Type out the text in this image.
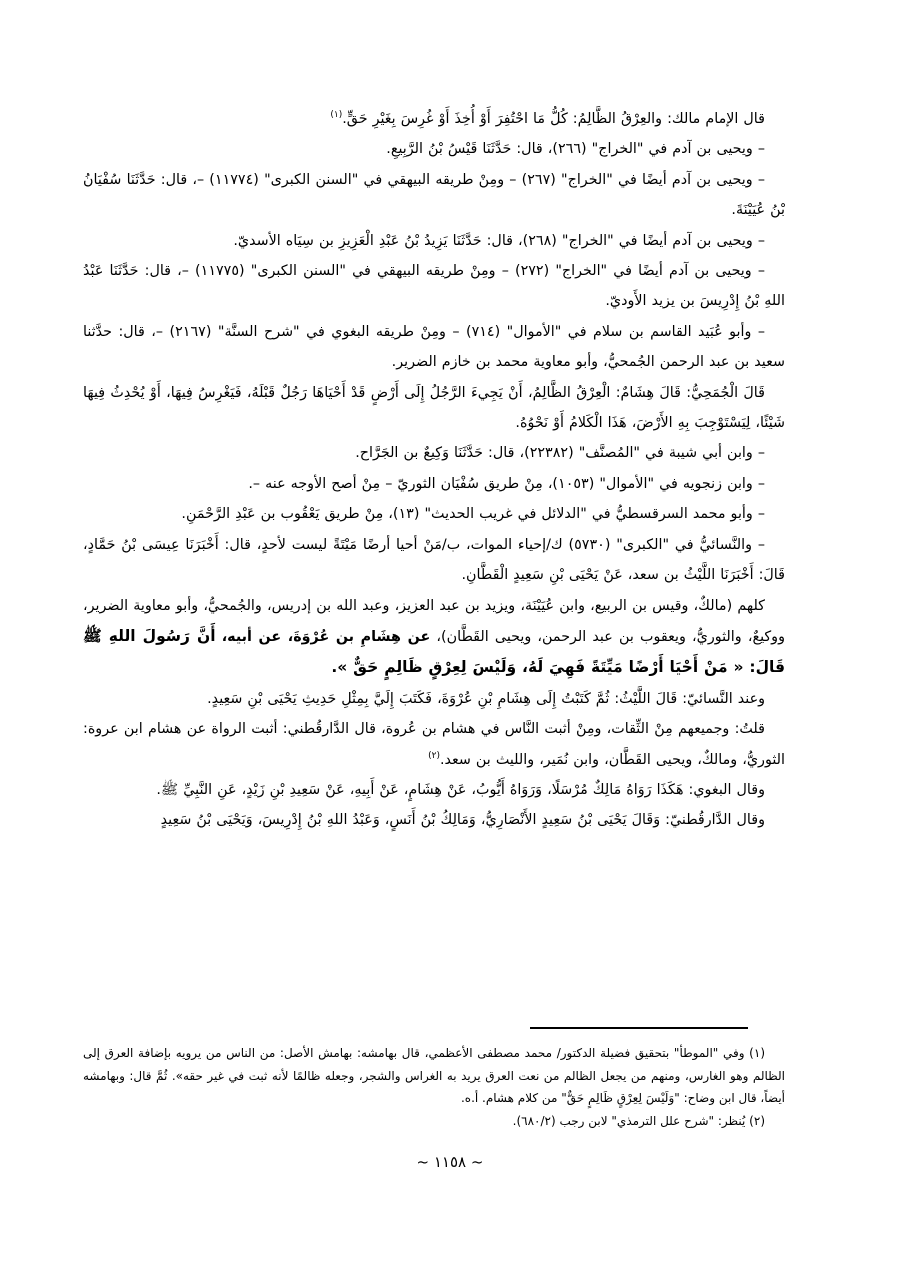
قال الإمام مالك: والعِرْقُ الظَّالِمُ: كُلُّ مَا احْتُفِرَ أَوْ أُخِذَ أَوْ غُرِسَ بِغَيْرِ حَقٍّ.$^{(١)}$

– ويحيى بن آدم في "الخراج" (٢٦٦)، قال: حَدَّثَنَا قَيْسُ بْنُ الرَّبِيعِ.

– ويحيى بن آدم أيضًا في "الخراج" (٢٦٧) – ومِنْ طريقه البيهقي في "السنن الكبرى" (١١٧٧٤) –، قال: حَدَّثَنَا سُفْيَانُ بْنُ عُيَيْنَةَ.

– ويحيى بن آدم أيضًا في "الخراج" (٢٦٨)، قال: حَدَّثَنَا يَزِيدُ بْنُ عَبْدِ الْعَزِيزِ بن سِيَاه الأسديّ.

– ويحيى بن آدم أيضًا في "الخراج" (٢٧٢) – ومِنْ طريقه البيهقي في "السنن الكبرى" (١١٧٧٥) –، قال: حَدَّثَنَا عَبْدُ اللهِ بْنُ إِدْرِيسَ بن يزيد الأَوديّ.

– وأبو عُبَيد القاسم بن سلام في "الأموال" (٧١٤) – ومِنْ طريقه البغوي في "شرح السنَّة" (٢١٦٧) –، قال: حدَّثنا سعيد بن عبد الرحمن الجُمحيُّ، وأبو معاوية محمد بن خازم الضرير.

قَالَ الْجُمَحِيُّ: قَالَ هِشَامٌ: الْعِرْقُ الظَّالِمُ، أَنْ يَجِيءَ الرَّجُلُ إِلَى أَرْضٍ قَدْ أَحْيَاهَا رَجُلٌ قَبْلَهُ، فَيَغْرِسُ فِيهَا، أَوْ يُحْدِثُ فِيهَا شَيْئًا، لِيَسْتَوْجِبَ بِهِ الأَرْضَ، هَذَا الْكَلامُ أَوْ نَحْوُهُ.

– وابن أبي شيبة في "المُصنَّف" (٢٢٣٨٢)، قال: حَدَّثَنَا وَكِيعٌ بن الجَرَّاح.

– وابن زنجويه في "الأموال" (١٠٥٣)، مِنْ طريق سُفْيَان الثوريّ – مِنْ أصح الأوجه عنه –.

– وأبو محمد السرقسطيُّ في "الدلائل في غريب الحديث" (١٣)، مِنْ طريق يَعْقُوب بن عَبْدِ الرَّحْمَنِ.

– والنَّسائيُّ في "الكبرى" (٥٧٣٠) ك/إحياء الموات، ب/مَنْ أحيا أرضًا مَيْتَةً ليست لأحدٍ، قال: أَخْبَرَنَا عِيسَى بْنُ حَمَّادٍ، قَالَ: أَخْبَرَنَا اللَّيْثُ بن سعد، عَنْ يَحْيَى بْنِ سَعِيدٍ الْقَطَّانِ.

كلهم (مالكٌ، وقيس بن الربيع، وابن عُيَيْنَة، ويزيد بن عبد العزيز، وعبد الله بن إدريس، والجُمحيُّ، وأبو معاوية الضرير، ووكيعٌ، والثوريُّ، ويعقوب بن عبد الرحمن، ويحيى القَطَّان)، عن هِشَامِ بن عُرْوَةَ، عن أبيه، أَنَّ رَسُولَ اللهِ ﷺ قَالَ: « مَنْ أَحْيَا أَرْضًا مَيِّتَةً فَهِيَ لَهُ، وَلَيْسَ لِعِرْقٍ ظَالِمٍ حَقٌّ ».

وعند النَّسائيّ: قَالَ اللَّيْثُ: ثُمَّ كَتَبْتُ إِلَى هِشَامِ بْنِ عُرْوَةَ، فَكَتَبَ إِلَيَّ بِمِثْلِ حَدِيثِ يَحْيَى بْنِ سَعِيدٍ.

قلتُ: وجميعهم مِنْ الثِّقات، ومِنْ أثبت النَّاس في هشام بن عُروة، قال الدَّارقُطني: أثبت الرواة عن هشام ابن عروة: الثوريُّ، ومالكٌ، ويحيى القَطَّان، وابن نُمَير، والليث بن سعد.$^{(٢)}$

وقال البغوي: هَكَذَا رَوَاهُ مَالِكٌ مُرْسَلًا، وَرَوَاهُ أَيُّوبُ، عَنْ هِشَامٍ، عَنْ أَبِيهِ، عَنْ سَعِيدِ بْنِ زَيْدٍ، عَنِ النَّبِيِّ ﷺ.

وقال الدَّارقُطنيّ: وَقَالَ يَحْيَى بْنُ سَعِيدٍ الأَنْصَارِيُّ، وَمَالِكُ بْنُ أَنَسٍ، وَعَبْدُ اللهِ بْنُ إِدْرِيسَ، وَيَحْيَى بْنُ سَعِيدٍ

(١) وفي "الموطأ" بتحقيق فضيلة الدكتور/ محمد مصطفى الأعظمي، قال بهامشه: بهامش الأصل: من الناس من يرويه بإضافة العرق إلى الظالم وهو الغارس، ومنهم من يجعل الظالم من نعت العرق يريد به الغراس والشجر، وجعله ظالمًا لأنه ثبت في غير حقه». ثُمَّ قال: وبهامشه أيضاً، قال ابن وضاح: "وَلَيْسَ لِعِرْقٍ ظَالِمٍ حَقٌّ" من كلام هشام. أ.ه.

(٢) يُنظر: "شرح علل الترمذي" لابن رجب (٦٨٠/٢).

~ ١١٥٨ ~
